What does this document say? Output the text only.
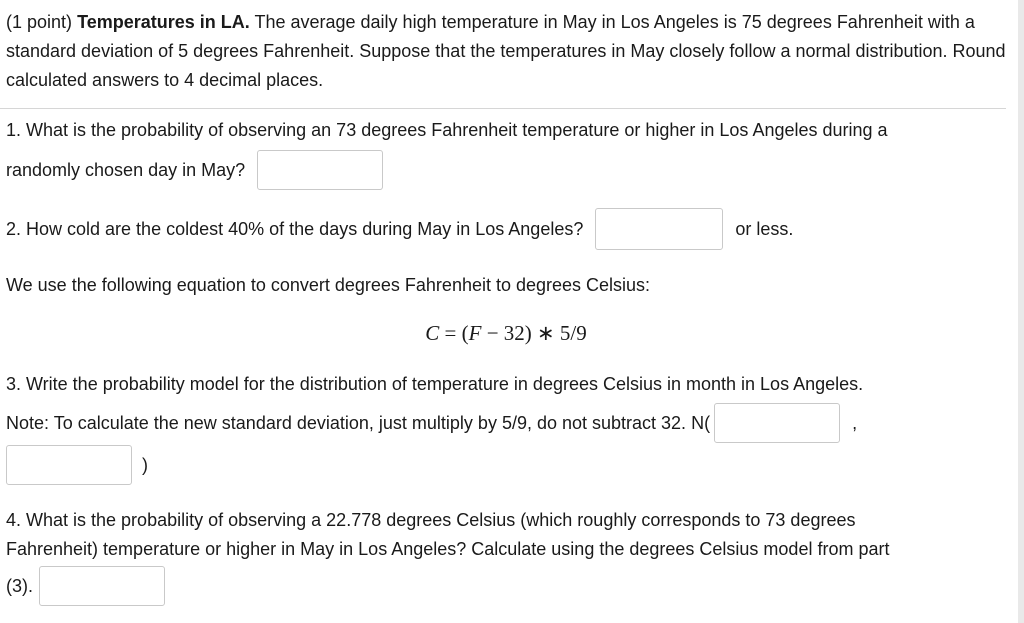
(1 point) Temperatures in LA. The average daily high temperature in May in Los Angeles is 75 degrees Fahrenheit with a standard deviation of 5 degrees Fahrenheit. Suppose that the temperatures in May closely follow a normal distribution. Round calculated answers to 4 decimal places.

1. What is the probability of observing an 73 degrees Fahrenheit temperature or higher in Los Angeles during a
randomly chosen day in May?
2. How cold are the coldest 40% of the days during May in Los Angeles?	or less.
We use the following equation to convert degrees Fahrenheit to degrees Celsius:

C = (F − 32) ∗ 5/9

3. Write the probability model for the distribution of temperature in degrees Celsius in month in Los Angeles.
Note: To calculate the new standard deviation, just multiply by 5/9, do not subtract 32. N(	,
)
4. What is the probability of observing a 22.778 degrees Celsius (which roughly corresponds to 73 degrees
Fahrenheit) temperature or higher in May in Los Angeles? Calculate using the degrees Celsius model from part
(3).
